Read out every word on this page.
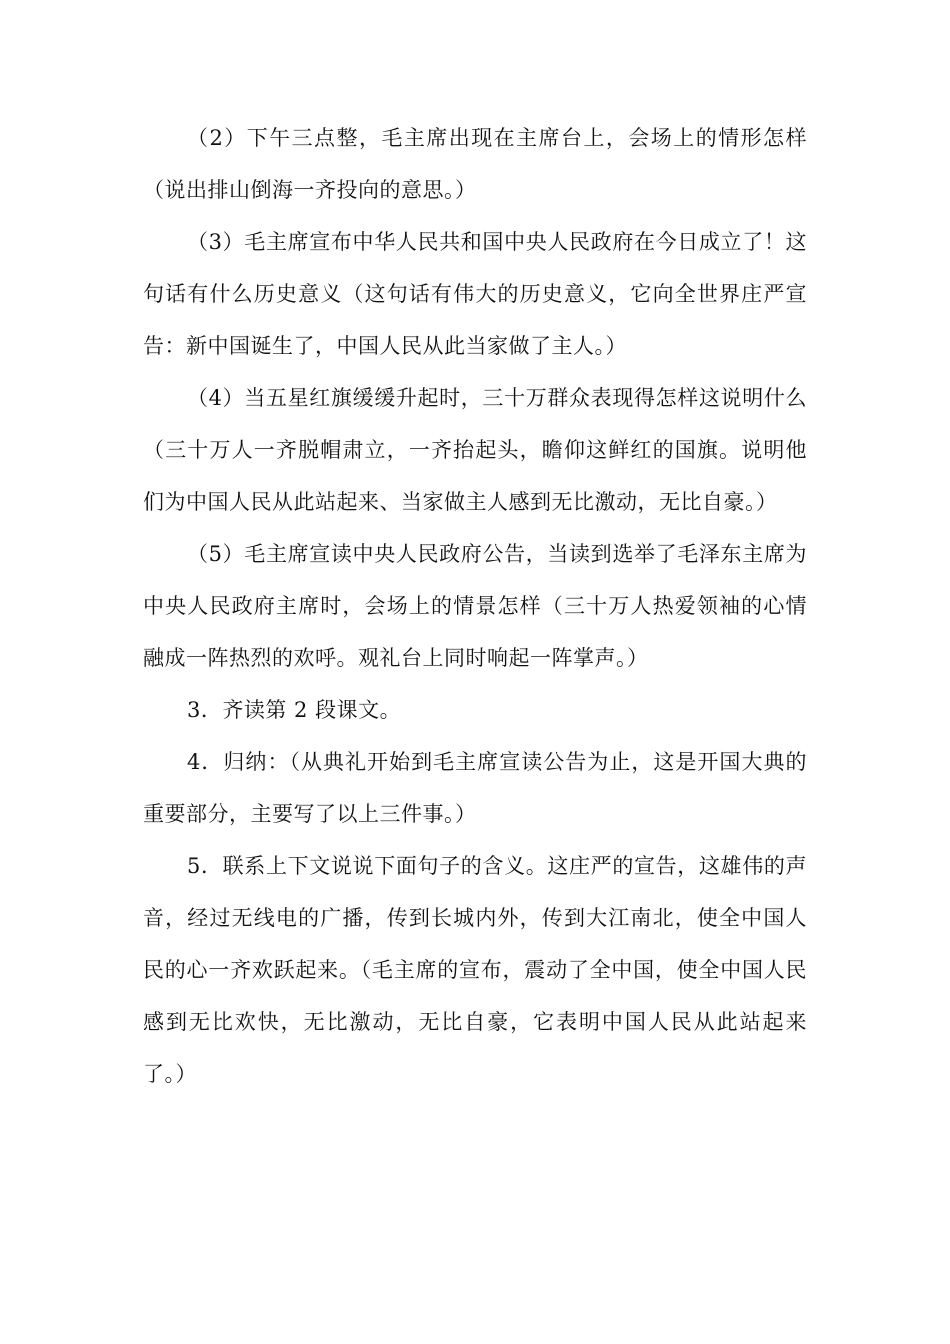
（2）下午三点整，毛主席出现在主席台上，会场上的情形怎样（说出排山倒海一齐投向的意思。）

（3）毛主席宣布中华人民共和国中央人民政府在今日成立了！这句话有什么历史意义（这句话有伟大的历史意义，它向全世界庄严宣告：新中国诞生了，中国人民从此当家做了主人。）

（4）当五星红旗缓缓升起时，三十万群众表现得怎样这说明什么（三十万人一齐脱帽肃立，一齐抬起头，瞻仰这鲜红的国旗。说明他们为中国人民从此站起来、当家做主人感到无比激动，无比自豪。）

（5）毛主席宣读中央人民政府公告，当读到选举了毛泽东主席为中央人民政府主席时，会场上的情景怎样（三十万人热爱领袖的心情融成一阵热烈的欢呼。观礼台上同时响起一阵掌声。）

3．齐读第 2 段课文。

4．归纳：（从典礼开始到毛主席宣读公告为止，这是开国大典的重要部分，主要写了以上三件事。）

5．联系上下文说说下面句子的含义。这庄严的宣告，这雄伟的声音，经过无线电的广播，传到长城内外，传到大江南北，使全中国人民的心一齐欢跃起来。（毛主席的宣布，震动了全中国，使全中国人民感到无比欢快，无比激动，无比自豪，它表明中国人民从此站起来了。）
